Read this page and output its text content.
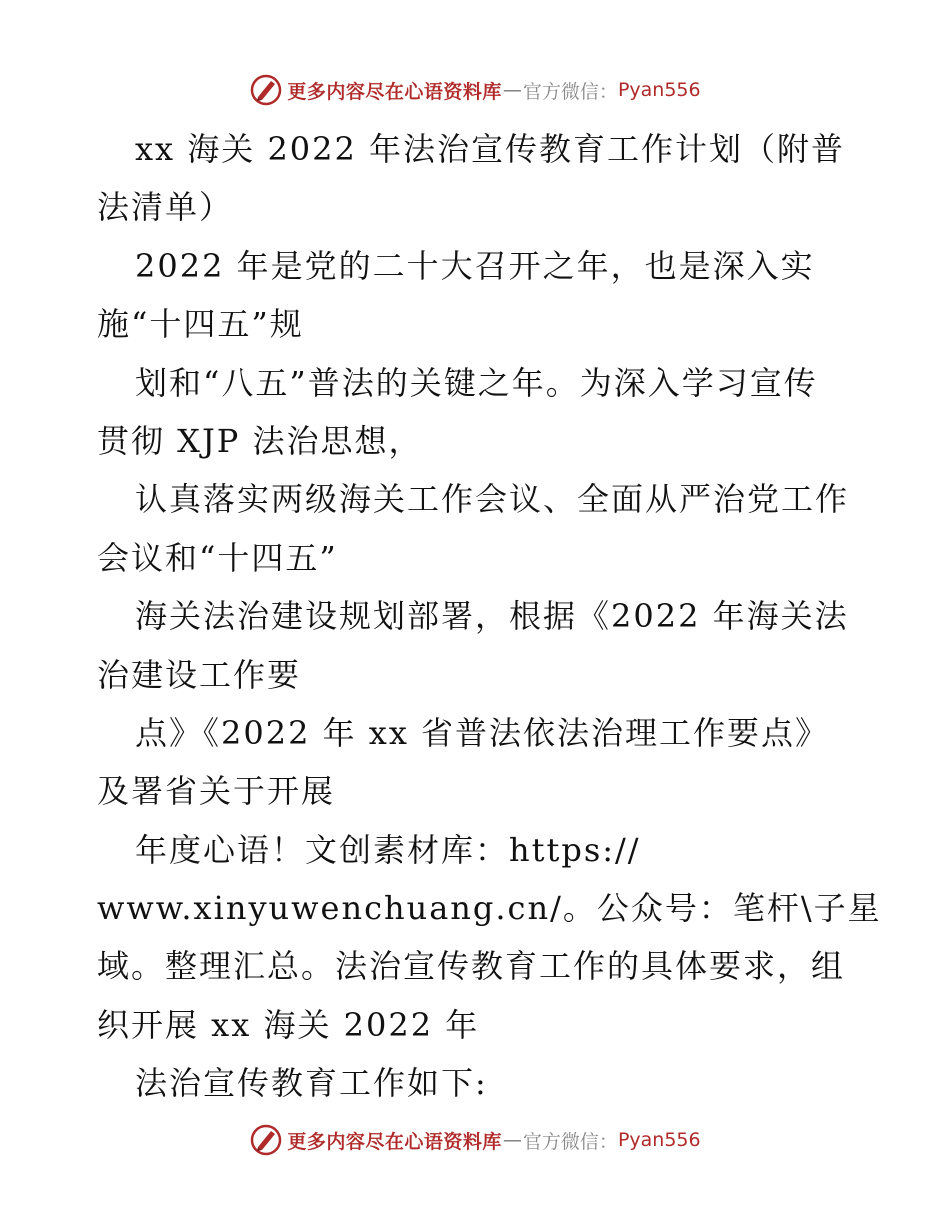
更多内容尽在心语资料库 — 官方微信： Pyan556
xx 海关 2022 年法治宣传教育工作计划（附普
法清单）
2022 年是党的二十大召开之年，也是深入实
施“十四五”规
划和“八五”普法的关键之年。为深入学习宣传
贯彻 XJP 法治思想，
认真落实两级海关工作会议、全面从严治党工作
会议和“十四五”
海关法治建设规划部署，根据《2022 年海关法
治建设工作要
点》《2022 年 xx 省普法依法治理工作要点》
及署省关于开展
年度心语！文创素材库：https://
www.xinyuwenchuang.cn/。公众号：笔杆\子星
域。整理汇总。法治宣传教育工作的具体要求，组
织开展 xx 海关 2022 年
法治宣传教育工作如下:
更多内容尽在心语资料库 — 官方微信： Pyan556
